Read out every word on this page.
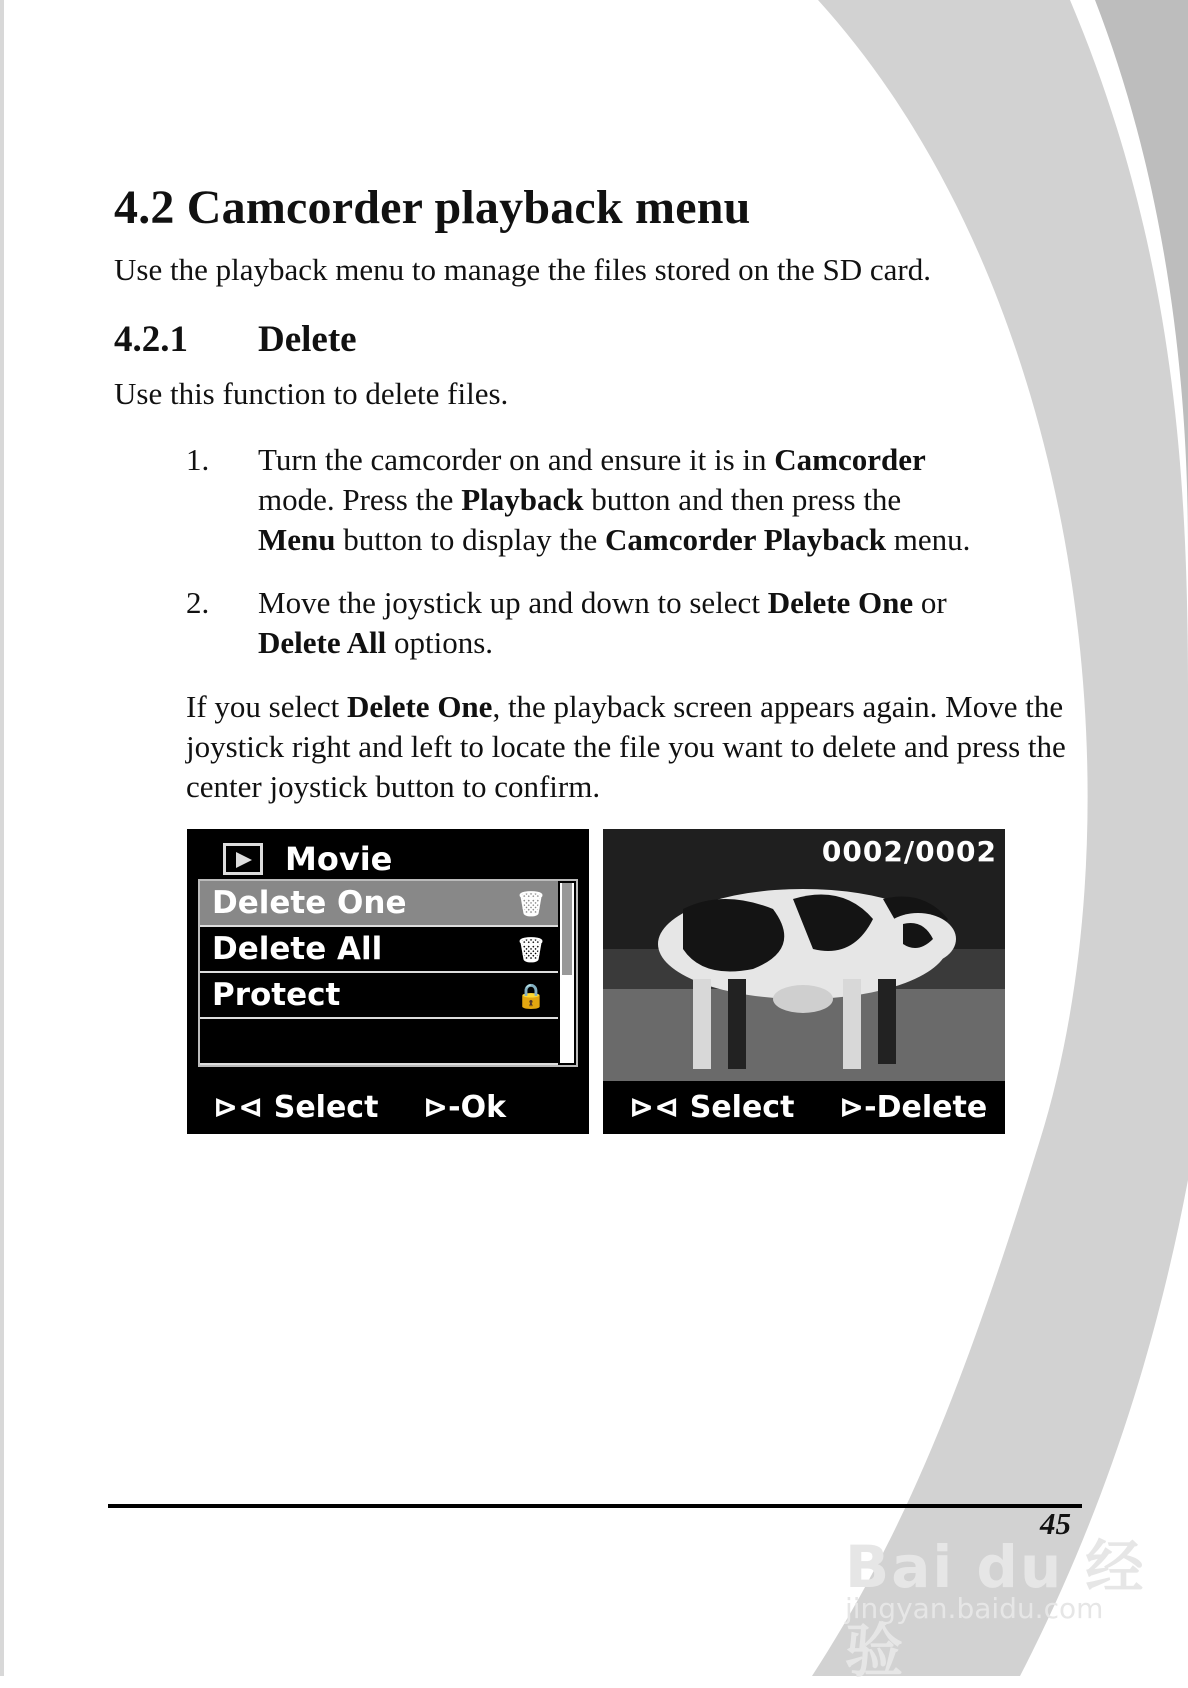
4.2 Camcorder playback menu

Use the playback menu to manage the files stored on the SD card.

4.2.1 Delete

Use this function to delete files.

1. Turn the camcorder on and ensure it is in Camcorder
mode. Press the Playback button and then press the
Menu button to display the Camcorder Playback menu.
2. Move the joystick up and down to select Delete One or
Delete All options.

If you select Delete One, the playback screen appears again. Move the joystick right and left to locate the file you want to delete and press the center joystick button to confirm.

Movie
Delete One	🗑
Delete All	🗑
Protect	🔒
⊳⊲ Select ⊳-Ok
0002/0002
⊳⊲ Select ⊳-Delete
45
Bai du 经验
jingyan.baidu.com
